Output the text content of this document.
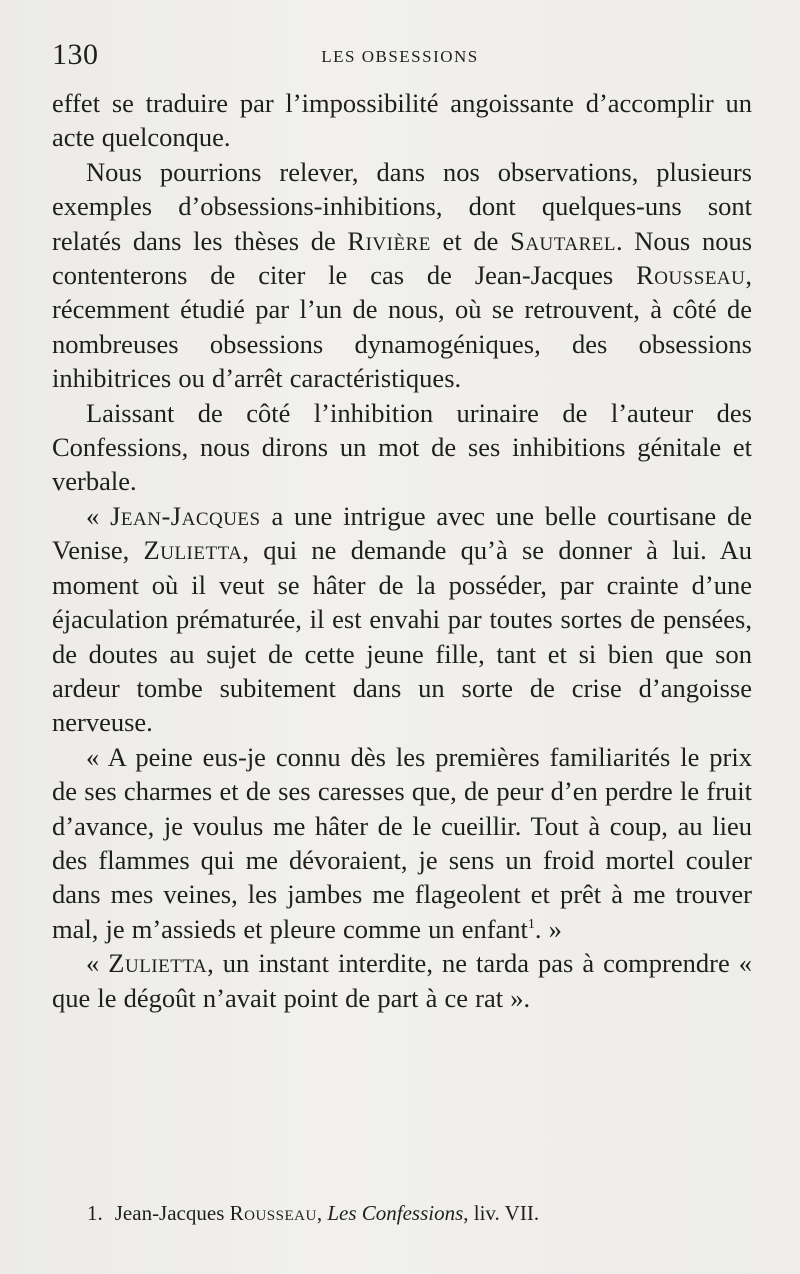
130	LES OBSESSIONS

effet se traduire par l’impossibilité angoissante d’accomplir un acte quelconque.

Nous pourrions relever, dans nos observations, plusieurs exemples d’obsessions-inhibitions, dont quelques-uns sont relatés dans les thèses de Rivière et de Sautarel. Nous nous contenterons de citer le cas de Jean-Jacques Rousseau, récemment étudié par l’un de nous, où se retrouvent, à côté de nombreuses obsessions dynamogéniques, des obsessions inhibitrices ou d’arrêt caractéristiques.

Laissant de côté l’inhibition urinaire de l’auteur des Confessions, nous dirons un mot de ses inhibitions génitale et verbale.

« Jean-Jacques a une intrigue avec une belle courtisane de Venise, Zulietta, qui ne demande qu’à se donner à lui. Au moment où il veut se hâter de la posséder, par crainte d’une éjaculation prématurée, il est envahi par toutes sortes de pensées, de doutes au sujet de cette jeune fille, tant et si bien que son ardeur tombe subitement dans un sorte de crise d’angoisse nerveuse.

« A peine eus-je connu dès les premières familiarités le prix de ses charmes et de ses caresses que, de peur d’en perdre le fruit d’avance, je voulus me hâter de le cueillir. Tout à coup, au lieu des flammes qui me dévoraient, je sens un froid mortel couler dans mes veines, les jambes me flageolent et prêt à me trouver mal, je m’assieds et pleure comme un enfant$^1$. »

« Zulietta, un instant interdite, ne tarda pas à comprendre « que le dégoût n’avait point de part à ce rat ».

1. Jean-Jacques Rousseau, Les Confessions, liv. VII.
